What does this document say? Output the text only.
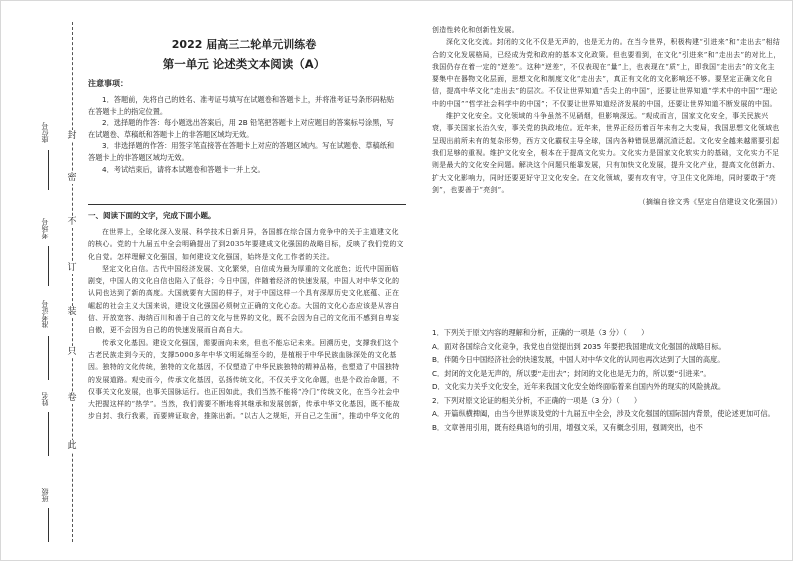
封
密
不
订
装
只
卷
此
座位号
考场号
准考证号
姓名
班级
2022 届高三二轮单元训练卷
第一单元 论述类文本阅读（A）
注意事项：

1．答题前，先将自己的姓名、准考证号填写在试题卷和答题卡上，并将准考证号条形码粘贴在答题卡上的指定位置。

2．选择题的作答：每小题选出答案后，用 2B 铅笔把答题卡上对应题目的答案标号涂黑，写在试题卷、草稿纸和答题卡上的非答题区域均无效。

3．非选择题的作答：用签字笔直接答在答题卡上对应的答题区域内。写在试题卷、草稿纸和答题卡上的非答题区域均无效。

4．考试结束后，请将本试题卷和答题卡一并上交。

一、阅读下面的文字，完成下面小题。

在世界上，全球化深入发展、科学技术日新月异，各国都在综合国力竞争中的关于主道建文化的核心。党的十九届五中全会明确提出了到2035年要建成文化强国的战略目标，反映了我们党的文化自觉。怎样理解文化强国，如何建设文化强国，始终是文化工作者的关注。

坚定文化自信。古代中国经济发展、文化繁荣，自信成为最为厚重的文化底色；近代中国面临剧变，中国人的文化自信也陷入了低谷；今日中国，伴随着经济的快速发展，中国人对中华文化的认同也达到了新的高度。大国就要有大国的样子，对于中国这样一个具有深厚历史文化底蕴、正在崛起的社会主义大国来说，建设文化强国必须树立正确的文化心态。大国的文化心态应该是从容自信、开放宽容、海纳百川和善于自己的文化与世界的文化，既不会因为自己的文化而不感到自卑妄自傲，更不会因为自己的的快速发展而自高自大。

传承文化基因。建设文化强国，需要面向未来，但也不能忘记未来。回溯历史，支撑我们这个古老民族走到今天的，支撑5000多年中华文明延绵至今的，是植根于中华民族血脉深处的文化基因。独特的文化传统，独特的文化基因，不仅塑造了中华民族独特的精神品格，也塑造了中国独特的发展道路。观史而今，传承文化基因，弘扬传统文化，不仅关乎文化命题，也是个政治命题，不仅事关文化发展，也事关国脉运行。也正因如此，我们当然不能将“冷门”传统文化，在当今社会中大把握这样的“热学”。当然，我们需要不断地将其继承和发展创新，传承中华文化基因，既不能故步自封、我行我素，而要辨证取舍，推陈出新。“以古人之规矩，开自己之生面”，推动中华文化的

创造性转化和创新性发展。

深化文化交流。封闭的文化不仅是无声的，也是无力的。在当今世界，积极构建“引进来”和“走出去”相结合的文化发展格局，已经成为党和政府的基本文化政策。但也要看到，在文化“引进来”和“走出去”的对比上，我国仍存在着一定的“逆差”。这种“逆差”，不仅表现在“量”上，也表现在“质”上，即我国“走出去”的文化主要集中在器物文化层面，思想文化和制度文化“走出去”，真正有文化的文化影响还不够。要坚定正确文化自信，提高中华文化“走出去”的层次。不仅让世界知道“舌尖上的中国”，还要让世界知道“学术中的中国”“理论中的中国”“哲学社会科学中的中国”；不仅要让世界知道经济发展的中国，还要让世界知道不断发展的中国。

维护文化安全。文化领域的斗争虽然不见硝烟，但影响深远。“观成而言，国家文化安全，事关民族兴衰，事关国家长治久安，事关党的执政地位。近年来，世界正经历着百年未有之大变局，我国思想文化领域也呈现出前所未有的复杂形势，西方文化霸权主导全球，国内各种错误思潮沉渣泛起。文化安全越来越需要引起我们足够的重视。维护文化安全，根本在于提高文化实力。文化实力是国家文化软实力的基础，文化实力不足则是最大的文化安全问题。解决这个问题只能靠发展，只有加快文化发展，提升文化产业，提高文化创新力、扩大文化影响力，同时还要更好守卫文化安全。在文化领域，要有攻有守，守卫住文化阵地，同时要敢于“亮剑”，也要善于“亮剑”。

（摘编自徐文秀《坚定自信建设文化强国》）

1．下列关于原文内容的理解和分析，正确的一项是（3 分）（　　）

A．面对各国综合文化竞争，我党也自觉提出到 2035 年要把我国建成文化强国的战略目标。

B．伴随今日中国经济社会的快速发展，中国人对中华文化的认同也再次达到了大国的高度。

C．封闭的文化是无声的，所以要“走出去”；封闭的文化也是无力的，所以要“引进来”。

D．文化实力关乎文化安全，近年来我国文化安全始终面临着来自国内外的现实的风险挑战。

2．下列对原文论证的相关分析，不正确的一项是（3 分）（　　）

A．开篇纵横捭阖，由当今世界谈及党的十九届五中全会，涉及文化强国的国际国内背景，使论述更加可信。

B．文章善用引用，既有经典语句的引用，增强文采，又有概念引用，强调突出，也不
